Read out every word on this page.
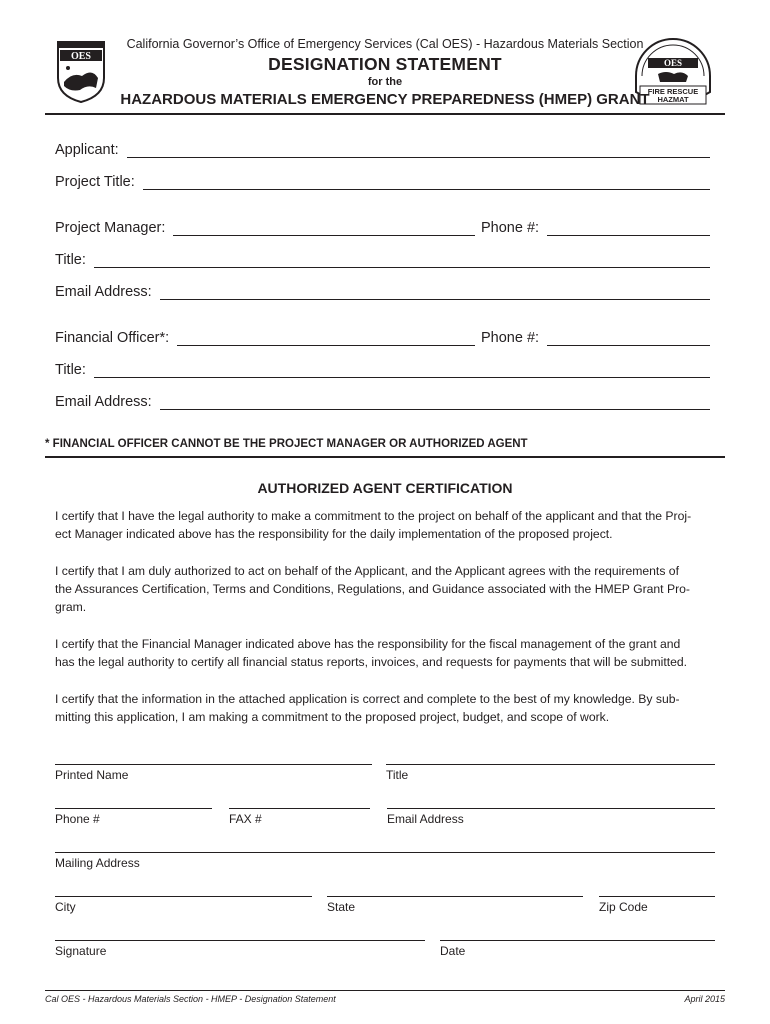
OES
OES
FIRE RESCUE
HAZMAT
California Governor’s Office of Emergency Services (Cal OES) - Hazardous Materials Section
DESIGNATION STATEMENT
for the
HAZARDOUS MATERIALS EMERGENCY PREPAREDNESS (HMEP) GRANT
Applicant:
Project Title:
Project Manager:	Phone #:
Title:
Email Address:
Financial Officer*:	Phone #:
Title:
Email Address:
* FINANCIAL OFFICER CANNOT BE THE PROJECT MANAGER OR AUTHORIZED AGENT
AUTHORIZED AGENT CERTIFICATION
I certify that I have the legal authority to make a commitment to the project on behalf of the applicant and that the Proj-
ect Manager indicated above has the responsibility for the daily implementation of the proposed project.
I certify that I am duly authorized to act on behalf of the Applicant, and the Applicant agrees with the requirements of
the Assurances Certification, Terms and Conditions, Regulations, and Guidance associated with the HMEP Grant Pro-
gram.
I certify that the Financial Manager indicated above has the responsibility for the fiscal management of the grant and
has the legal authority to certify all financial status reports, invoices, and requests for payments that will be submitted.
I certify that the information in the attached application is correct and complete to the best of my knowledge. By sub-
mitting this application, I am making a commitment to the proposed project, budget, and scope of work.
Printed Name	Title
Phone #	FAX #	Email Address
Mailing Address
City	State	Zip Code
Signature	Date
Cal OES - Hazardous Materials Section - HMEP - Designation Statement	April 2015
